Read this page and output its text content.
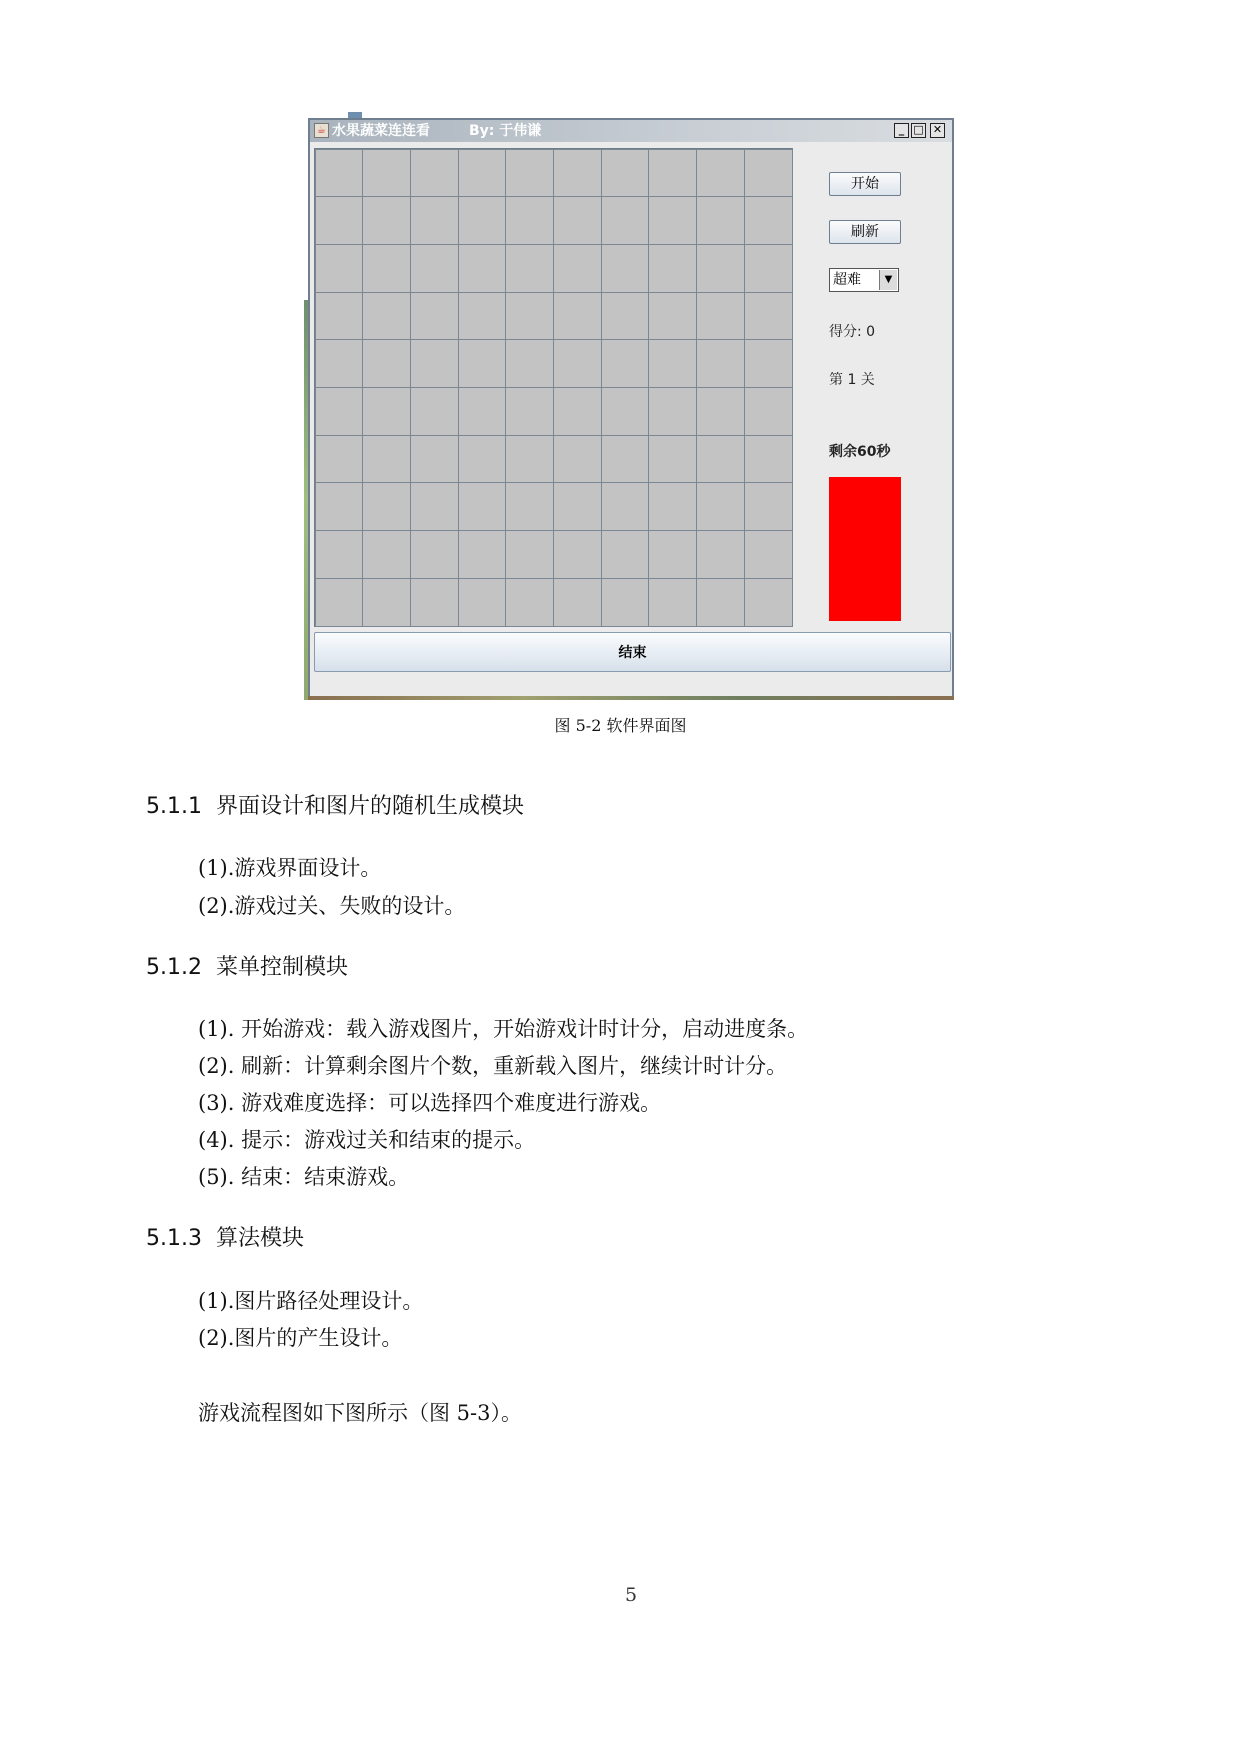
☕ 水果蔬菜连连看        By: 于伟谦	_ □ ✕
开始
刷新
超难	▼
得分: 0
第 1 关
剩余60秒
结束
图 5-2 软件界面图
5.1.1  界面设计和图片的随机生成模块
(1).游戏界面设计。
(2).游戏过关、失败的设计。
5.1.2  菜单控制模块
(1). 开始游戏：载入游戏图片，开始游戏计时计分，启动进度条。
(2). 刷新：计算剩余图片个数，重新载入图片，继续计时计分。
(3). 游戏难度选择：可以选择四个难度进行游戏。
(4). 提示：游戏过关和结束的提示。
(5). 结束：结束游戏。
5.1.3  算法模块
(1).图片路径处理设计。
(2).图片的产生设计。
游戏流程图如下图所示（图 5-3）。
5
